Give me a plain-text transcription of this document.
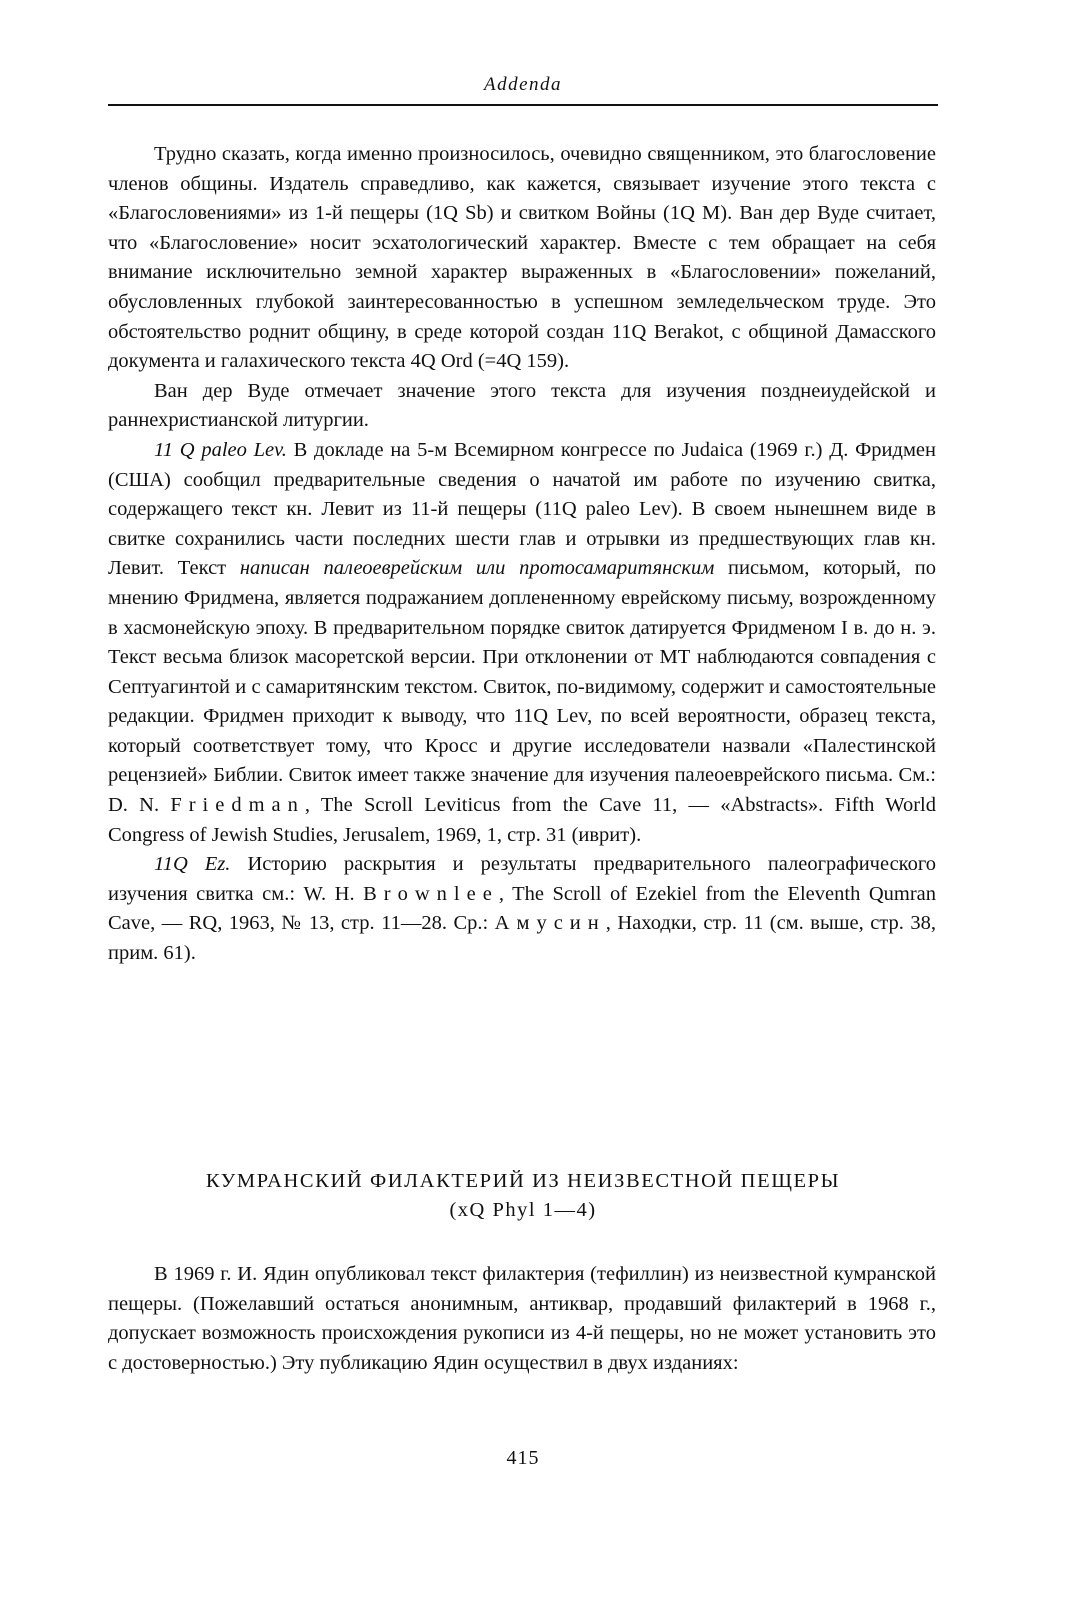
Addenda

Трудно сказать, когда именно произносилось, очевидно священником, это благословение членов общины. Издатель справедливо, как кажется, связывает изучение этого текста с «Благословениями» из 1-й пещеры (1Q Sb) и свитком Войны (1Q M). Ван дер Вуде считает, что «Благословение» носит эсхатологический характер. Вместе с тем обращает на себя внимание исключительно земной характер выраженных в «Благословении» пожеланий, обусловленных глубокой заинтересованностью в успешном земледельческом труде. Это обстоятельство роднит общину, в среде которой создан 11Q Berakot, с общиной Дамасского документа и галахического текста 4Q Ord (=4Q 159).

Ван дер Вуде отмечает значение этого текста для изучения позднеиудейской и раннехристианской литургии.

11 Q paleo Lev. В докладе на 5-м Всемирном конгрессе по Judaica (1969 г.) Д. Фридмен (США) сообщил предварительные сведения о начатой им работе по изучению свитка, содержащего текст кн. Левит из 11-й пещеры (11Q paleo Lev). В своем нынешнем виде в свитке сохранились части последних шести глав и отрывки из предшествующих глав кн. Левит. Текст написан палеоеврейским или протосамаритянским письмом, который, по мнению Фридмена, является подражанием доплененному еврейскому письму, возрожденному в хасмонейскую эпоху. В предварительном порядке свиток датируется Фридменом I в. до н. э. Текст весьма близок масоретской версии. При отклонении от МТ наблюдаются совпадения с Септуагинтой и с самаритянским текстом. Свиток, по-видимому, содержит и самостоятельные редакции. Фридмен приходит к выводу, что 11Q Lev, по всей вероятности, образец текста, который соответствует тому, что Кросс и другие исследователи назвали «Палестинской рецензией» Библии. Свиток имеет также значение для изучения палеоеврейского письма. См.: D. N. Friedman, The Scroll Leviticus from the Cave 11, — «Abstracts». Fifth World Congress of Jewish Studies, Jerusalem, 1969, 1, стр. 31 (иврит).

11Q Ez. Историю раскрытия и результаты предварительного палеографического изучения свитка см.: W. H. Brownlee, The Scroll of Ezekiel from the Eleventh Qumran Cave, — RQ, 1963, № 13, стр. 11—28. Ср.: Амусин, Находки, стр. 11 (см. выше, стр. 38, прим. 61).

КУМРАНСКИЙ ФИЛАКТЕРИЙ ИЗ НЕИЗВЕСТНОЙ ПЕЩЕРЫ
(xQ Phyl 1—4)

В 1969 г. И. Ядин опубликовал текст филактерия (тефиллин) из неизвестной кумранской пещеры. (Пожелавший остаться анонимным, антиквар, продавший филактерий в 1968 г., допускает возможность происхождения рукописи из 4-й пещеры, но не может установить это с достоверностью.) Эту публикацию Ядин осуществил в двух изданиях:

415
